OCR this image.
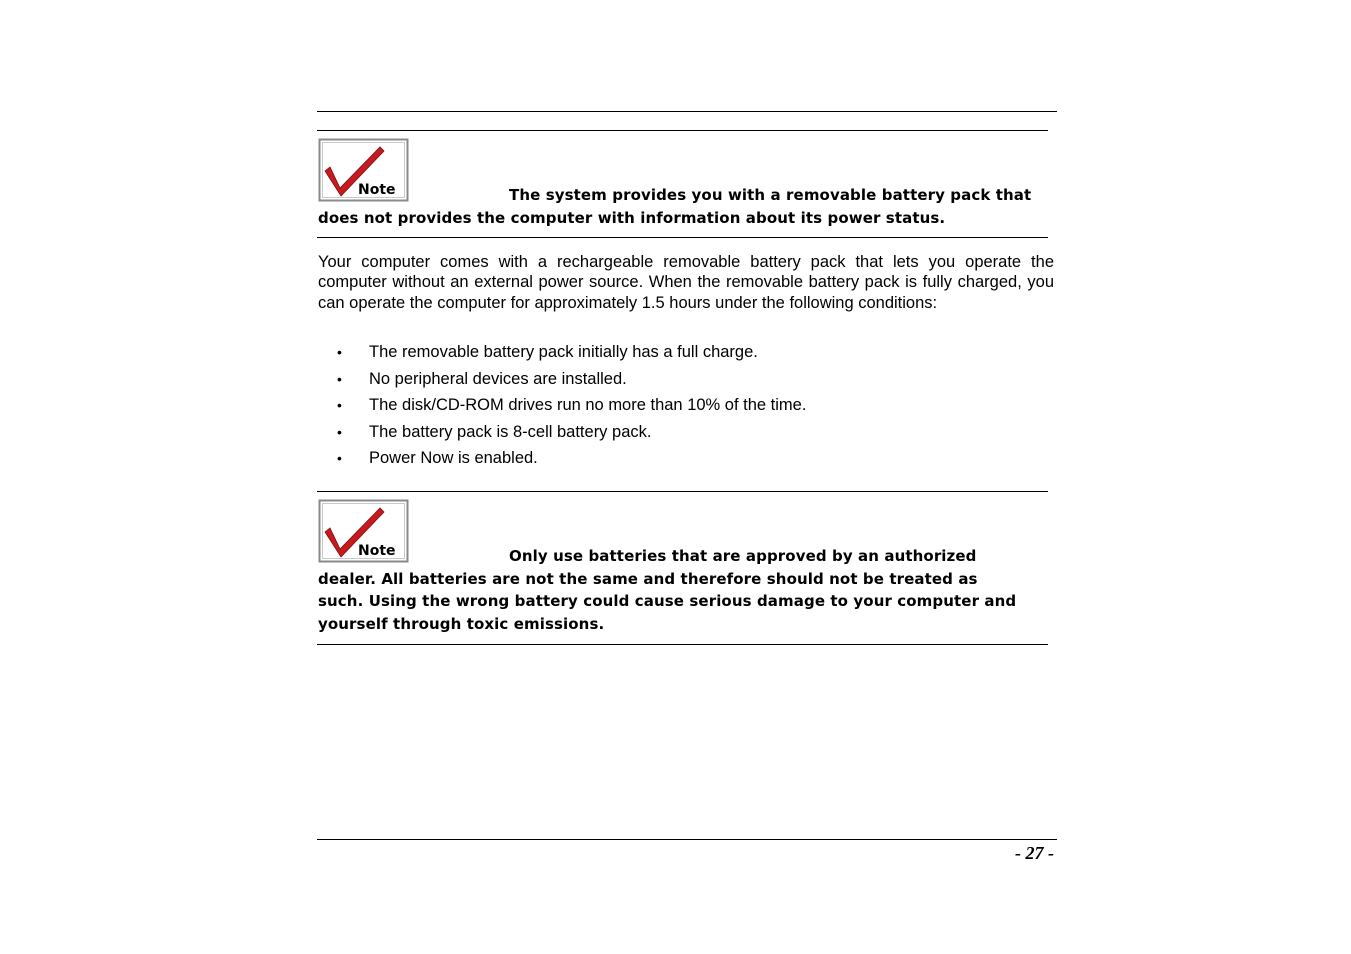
Note	The system provides you with a removable battery pack that
does not provides the computer with information about its power status.

Your computer comes with a rechargeable removable battery pack that lets you operate the computer without an external power source. When the removable battery pack is fully charged, you can operate the computer for approximately 1.5 hours under the following conditions:

• The removable battery pack initially has a full charge.
• No peripheral devices are installed.
• The disk/CD-ROM drives run no more than 10% of the time.
• The battery pack is 8-cell battery pack.
• Power Now is enabled.
Note	Only use batteries that are approved by an authorized
dealer. All batteries are not the same and therefore should not be treated as
such. Using the wrong battery could cause serious damage to your computer and
yourself through toxic emissions.
- 27 -
